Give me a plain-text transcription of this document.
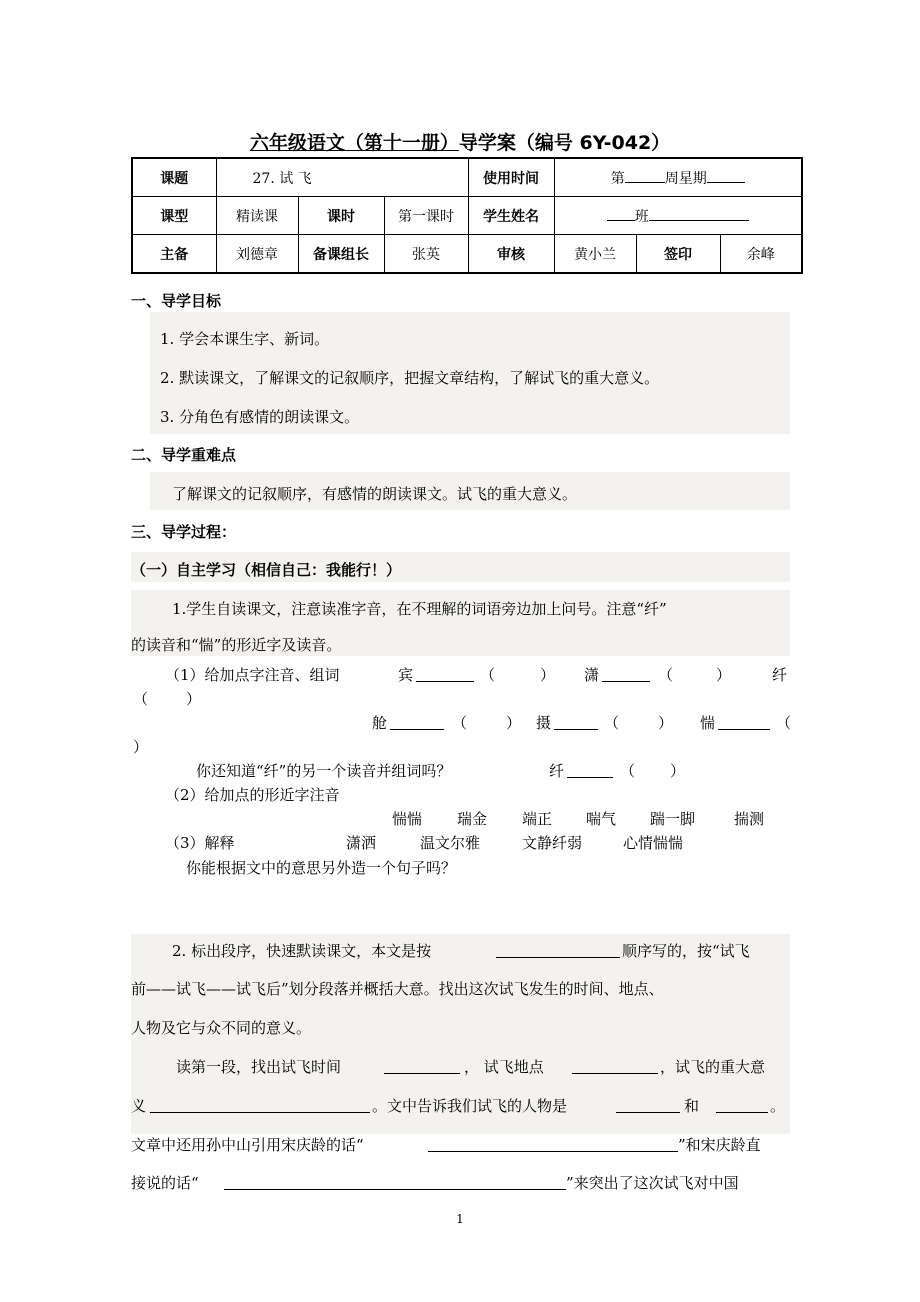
六年级语文（第十一册）导学案（编号 6Y-042）
课题	27. 试 飞			使用时间	第 周星期		
课型	精读课	课时	第一课时	学生姓名	班		
主备	刘德章	备课组长	张英	审核	黄小兰	签印	余峰
一、导学目标
1. 学会本课生字、新词。
2. 默读课文，了解课文的记叙顺序，把握文章结构，了解试飞的重大意义。
3. 分角色有感情的朗读课文。
二、导学重难点
了解课文的记叙顺序，有感情的朗读课文。试飞的重大意义。
三、导学过程：
（一）自主学习（相信自己：我能行！）
1.学生自读课文，注意读准字音，在不理解的词语旁边加上问号。注意“纤”
的读音和“惴”的形近字及读音。
（1）给加点字注音、组词	宾	（	） 潇	（	）	纤
（	）
舱	（	） 摄	（	） 惴	（
）
你还知道“纤”的另一个读音并组词吗？	纤	（ ）
（2）给加点的形近字注音
惴惴 瑞金 端正 喘气 踹一脚	揣测
（3）解释	潇洒	温文尔雅	文静纤弱	心情惴惴
你能根据文中的意思另外造一个句子吗？
2. 标出段序，快速默读课文，本文是按	顺序写的，按“试飞
前——试飞——试飞后”划分段落并概括大意。找出这次试飞发生的时间、地点、
人物及它与众不同的意义。
读第一段，找出试飞时间	， 试飞地点	，试飞的重大意
义	。文中告诉我们试飞的人物是	和	。
文章中还用孙中山引用宋庆龄的话“	”和宋庆龄直
接说的话“	”来突出了这次试飞对中国
1
